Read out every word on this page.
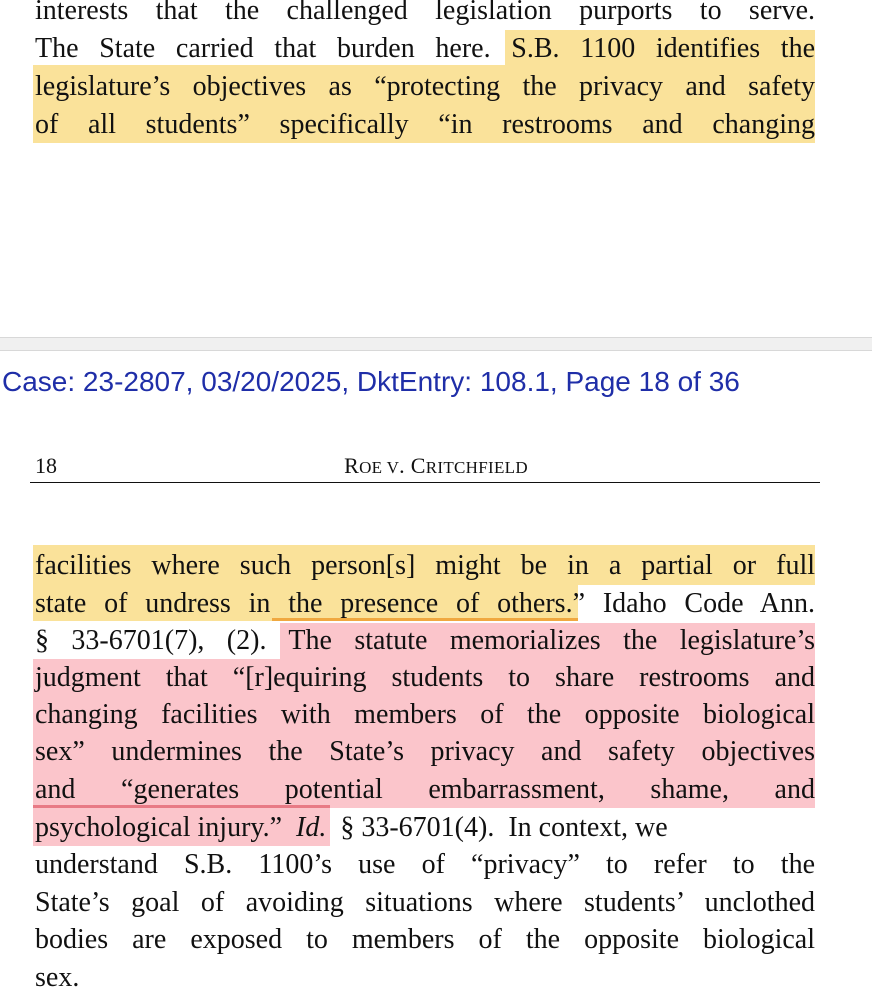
interests that the challenged legislation purports to serve.
The State carried that burden here. S.B. 1100 identifies the
legislature’s objectives as “protecting the privacy and safety
of all students” specifically “in restrooms and changing
Case: 23-2807, 03/20/2025, DktEntry: 108.1, Page 18 of 36
18	ROE V. CRITCHFIELD
facilities where such person[s] might be in a partial or full
state of undress in the presence of others.” Idaho Code Ann.
§ 33-6701(7), (2). The statute memorializes the legislature’s
judgment that “[r]equiring students to share restrooms and
changing facilities with members of the opposite biological
sex” undermines the State’s privacy and safety objectives
and “generates potential embarrassment, shame, and
psychological injury.”  Id.  § 33-6701(4).  In context, we
understand S.B. 1100’s use of “privacy” to refer to the
State’s goal of avoiding situations where students’ unclothed
bodies are exposed to members of the opposite biological
sex.
